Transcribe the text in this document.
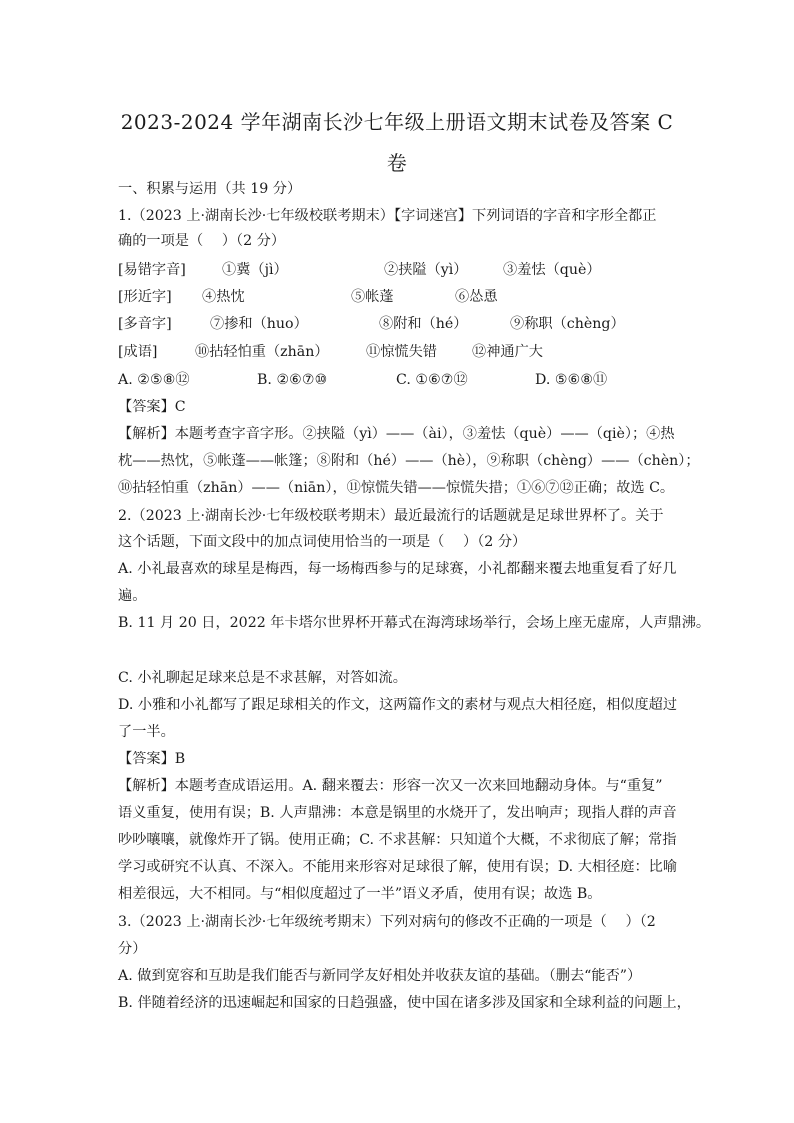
2023-2024 学年湖南长沙七年级上册语文期末试卷及答案 C
卷
一、积累与运用（共 19 分）
1.（2023 上·湖南长沙·七年级校联考期末）【字词迷宫】下列词语的字音和字形全都正
确的一项是（　 ）（2 分）
[易错字音]	①冀（jì）	②挟隘（yì）	③羞怯（què）
[形近字] ④热忱	⑤帐蓬	⑥怂恿
[多音字]	⑦掺和（huo）	⑧附和（hé）	⑨称职（chèng）
[成语]	⑩拈轻怕重（zhān）	⑪惊慌失错 ⑫神通广大
A. ②⑤⑧⑫	B. ②⑥⑦⑩	C. ①⑥⑦⑫	D. ⑤⑥⑧⑪
【答案】C
【解析】本题考查字音字形。②挟隘（yì）——（ài），③羞怯（què）——（qiè）；④热
枕——热忱，⑤帐蓬——帐篷；⑧附和（hé）——（hè），⑨称职（chèng）——（chèn）；
⑩拈轻怕重（zhān）——（niān），⑪惊慌失错——惊慌失措；①⑥⑦⑫正确；故选 C。
2.（2023 上·湖南长沙·七年级校联考期末）最近最流行的话题就是足球世界杯了。关于
这个话题，下面文段中的加点词使用恰当的一项是（　 ）（2 分）
A. 小礼最喜欢的球星是梅西，每一场梅西参与的足球赛，小礼都翻来覆去地重复看了好几
遍。
B. 11 月 20 日，2022 年卡塔尔世界杯开幕式在海湾球场举行，会场上座无虚席，人声鼎沸。
C. 小礼聊起足球来总是不求甚解，对答如流。
D. 小雅和小礼都写了跟足球相关的作文，这两篇作文的素材与观点大相径庭，相似度超过
了一半。
【答案】B
【解析】本题考查成语运用。A. 翻来覆去：形容一次又一次来回地翻动身体。与“重复”
语义重复，使用有误；B. 人声鼎沸：本意是锅里的水烧开了，发出响声；现指人群的声音
吵吵嚷嚷，就像炸开了锅。使用正确；C. 不求甚解：只知道个大概，不求彻底了解；常指
学习或研究不认真、不深入。不能用来形容对足球很了解，使用有误；D. 大相径庭：比喻
相差很远，大不相同。与“相似度超过了一半”语义矛盾，使用有误；故选 B。
3.（2023 上·湖南长沙·七年级统考期末）下列对病句的修改不正确的一项是（　 ）（2
分）
A. 做到宽容和互助是我们能否与新同学友好相处并收获友谊的基础。（删去“能否”）
B. 伴随着经济的迅速崛起和国家的日趋强盛，使中国在诸多涉及国家和全球利益的问题上，
